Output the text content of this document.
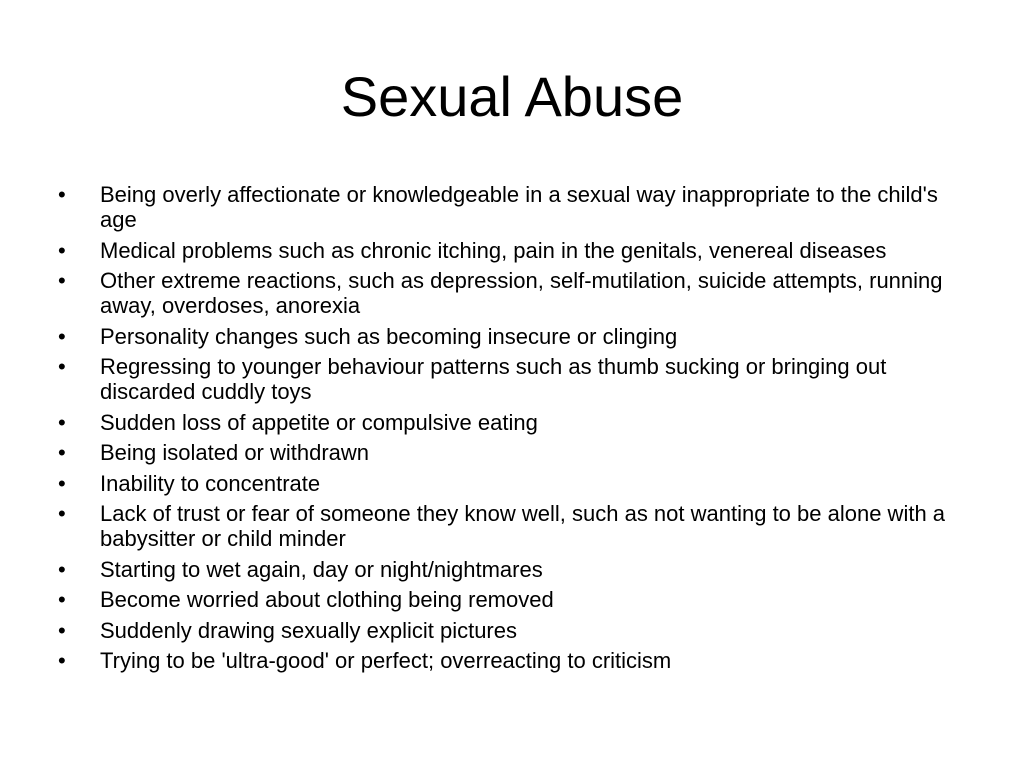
Sexual Abuse
•	Being overly affectionate or knowledgeable in a sexual way inappropriate to the child's age
•	Medical problems such as chronic itching, pain in the genitals, venereal diseases
•	Other extreme reactions, such as depression, self-mutilation, suicide attempts, running away, overdoses, anorexia
•	Personality changes such as becoming insecure or clinging
•	Regressing to younger behaviour patterns such as thumb sucking or bringing out discarded cuddly toys
•	Sudden loss of appetite or compulsive eating
•	Being isolated or withdrawn
•	Inability to concentrate
•	Lack of trust or fear of someone they know well, such as not wanting to be alone with a babysitter or child minder
•	Starting to wet again, day or night/nightmares
•	Become worried about clothing being removed
•	Suddenly drawing sexually explicit pictures
•	Trying to be 'ultra-good' or perfect; overreacting to criticism
